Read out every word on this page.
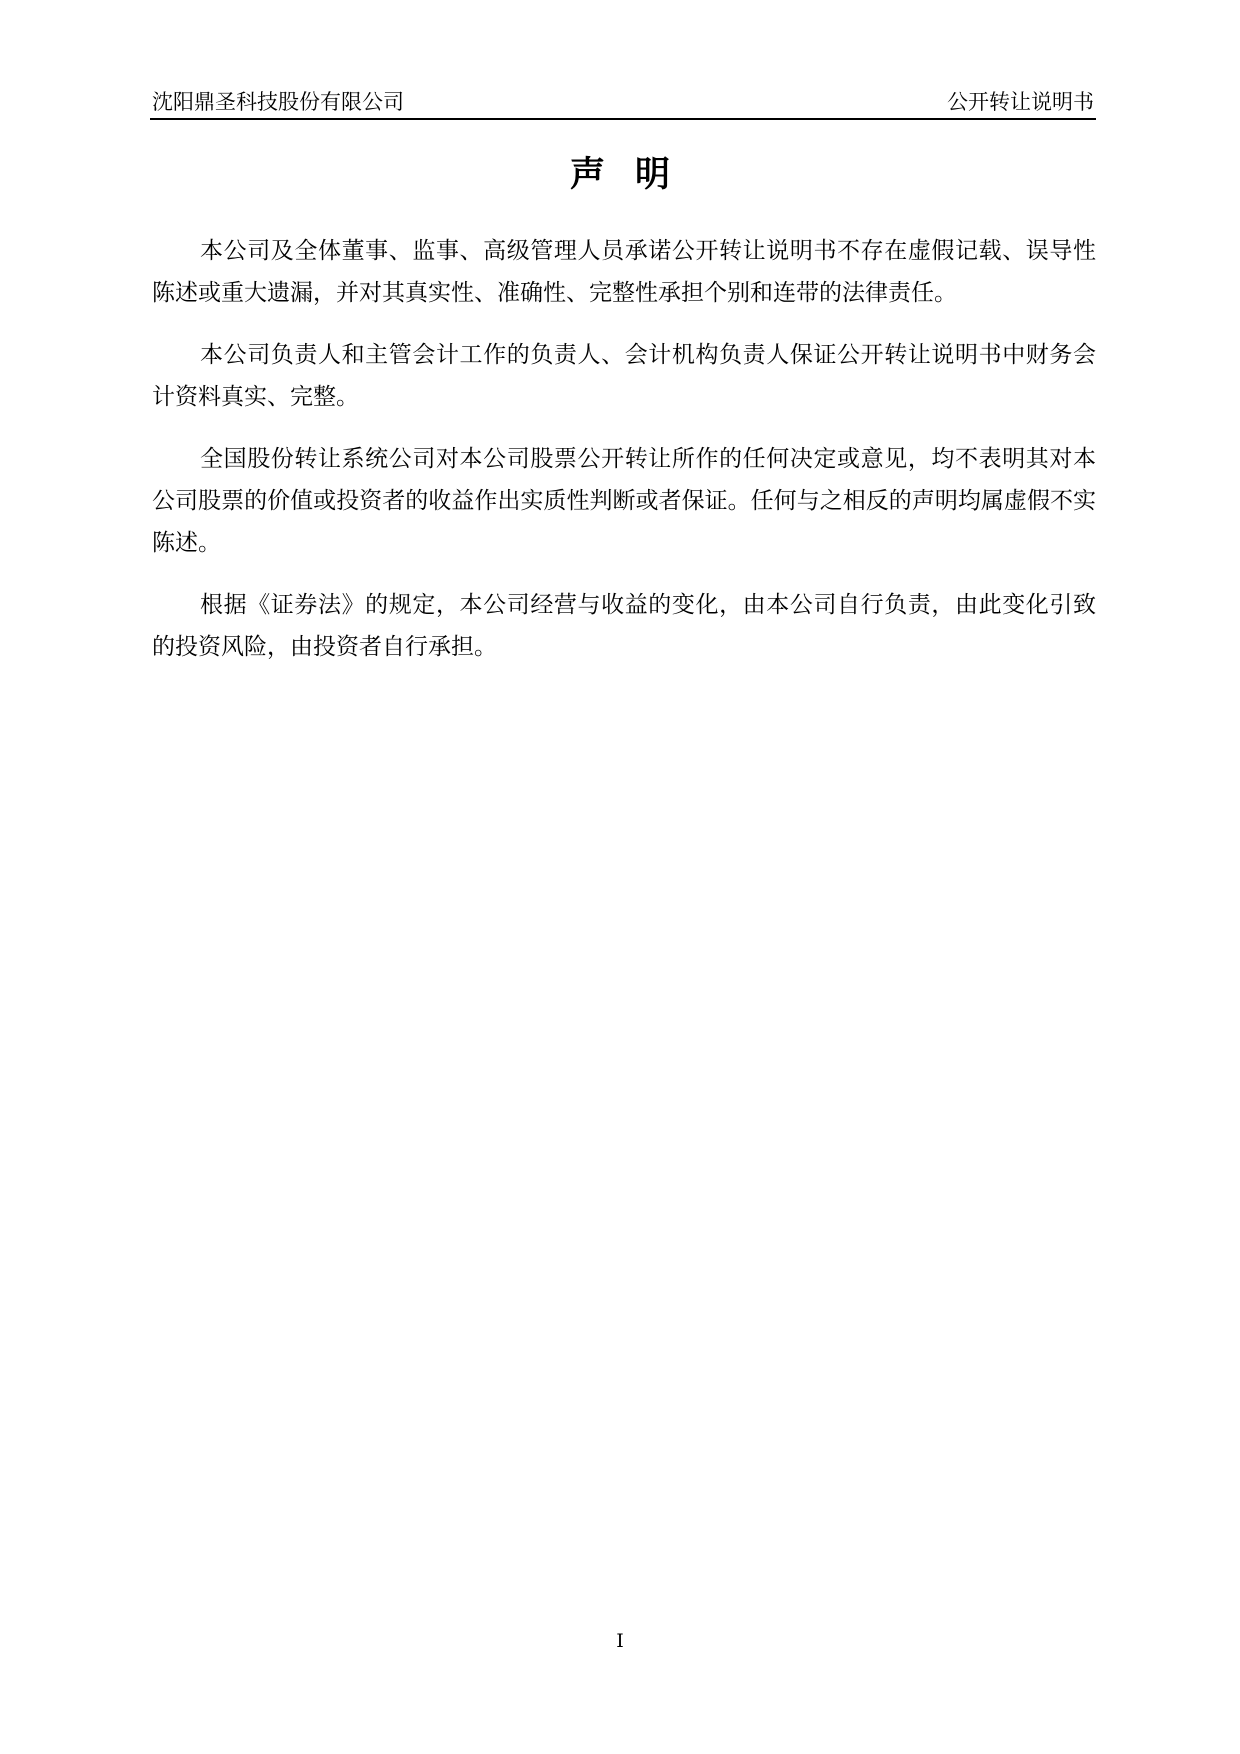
沈阳鼎圣科技股份有限公司	公开转让说明书
声明

本公司及全体董事、监事、高级管理人员承诺公开转让说明书不存在虚假记载、误导性陈述或重大遗漏，并对其真实性、准确性、完整性承担个别和连带的法律责任。

本公司负责人和主管会计工作的负责人、会计机构负责人保证公开转让说明书中财务会计资料真实、完整。

全国股份转让系统公司对本公司股票公开转让所作的任何决定或意见，均不表明其对本公司股票的价值或投资者的收益作出实质性判断或者保证。任何与之相反的声明均属虚假不实陈述。

根据《证券法》的规定，本公司经营与收益的变化，由本公司自行负责，由此变化引致的投资风险，由投资者自行承担。

I
